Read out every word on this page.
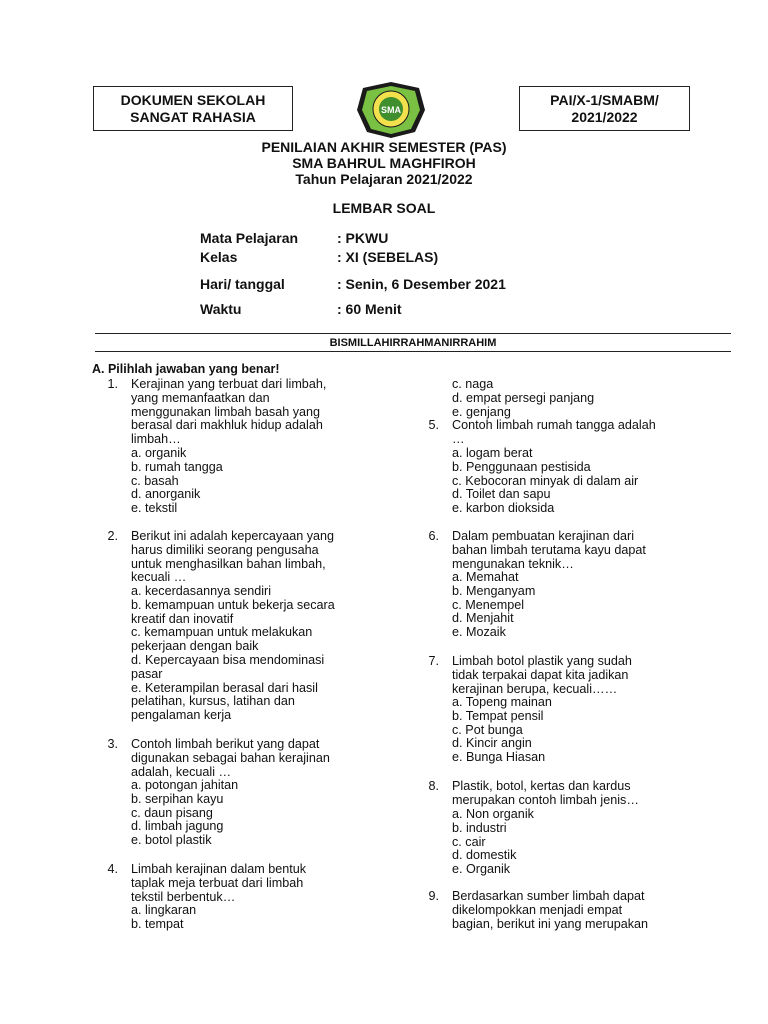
DOKUMEN SEKOLAH
SANGAT RAHASIA	SMA
PAI/X-1/SMABM/
2021/2022
PENILAIAN AKHIR SEMESTER (PAS)
SMA BAHRUL MAGHFIROH
Tahun Pelajaran 2021/2022
LEMBAR SOAL
Mata Pelajaran	: PKWU
Kelas	: XI (SEBELAS)
Hari/ tanggal	: Senin, 6 Desember 2021
Waktu	: 60 Menit
BISMILLAHIRRAHMANIRRAHIM
A. Pilihlah jawaban yang benar!
1. Kerajinan yang terbuat dari limbah,
yang memanfaatkan dan
menggunakan limbah basah yang
berasal dari makhluk hidup adalah
limbah…
a. organik
b. rumah tangga
c. basah
d. anorganik
e. tekstil
2. Berikut ini adalah kepercayaan yang
harus dimiliki seorang pengusaha
untuk menghasilkan bahan limbah,
kecuali …
a. kecerdasannya sendiri
b. kemampuan untuk bekerja secara
kreatif dan inovatif
c. kemampuan untuk melakukan
pekerjaan dengan baik
d. Kepercayaan bisa mendominasi
pasar
e. Keterampilan berasal dari hasil
pelatihan, kursus, latihan dan
pengalaman kerja
3. Contoh limbah berikut yang dapat
digunakan sebagai bahan kerajinan
adalah, kecuali …
a. potongan jahitan
b. serpihan kayu
c. daun pisang
d. limbah jagung
e. botol plastik
4. Limbah kerajinan dalam bentuk
taplak meja terbuat dari limbah
tekstil berbentuk…
a. lingkaran
b. tempat
c. naga
d. empat persegi panjang
e. genjang
5. Contoh limbah rumah tangga adalah
…
a. logam berat
b. Penggunaan pestisida
c. Kebocoran minyak di dalam air
d. Toilet dan sapu
e. karbon dioksida
6. Dalam pembuatan kerajinan dari
bahan limbah terutama kayu dapat
mengunakan teknik…
a. Memahat
b. Menganyam
c. Menempel
d. Menjahit
e. Mozaik
7. Limbah botol plastik yang sudah
tidak terpakai dapat kita jadikan
kerajinan berupa, kecuali……
a. Topeng mainan
b. Tempat pensil
c. Pot bunga
d. Kincir angin
e. Bunga Hiasan
8. Plastik, botol, kertas dan kardus
merupakan contoh limbah jenis…
a. Non organik
b. industri
c. cair
d. domestik
e. Organik
9. Berdasarkan sumber limbah dapat
dikelompokkan menjadi empat
bagian, berikut ini yang merupakan
